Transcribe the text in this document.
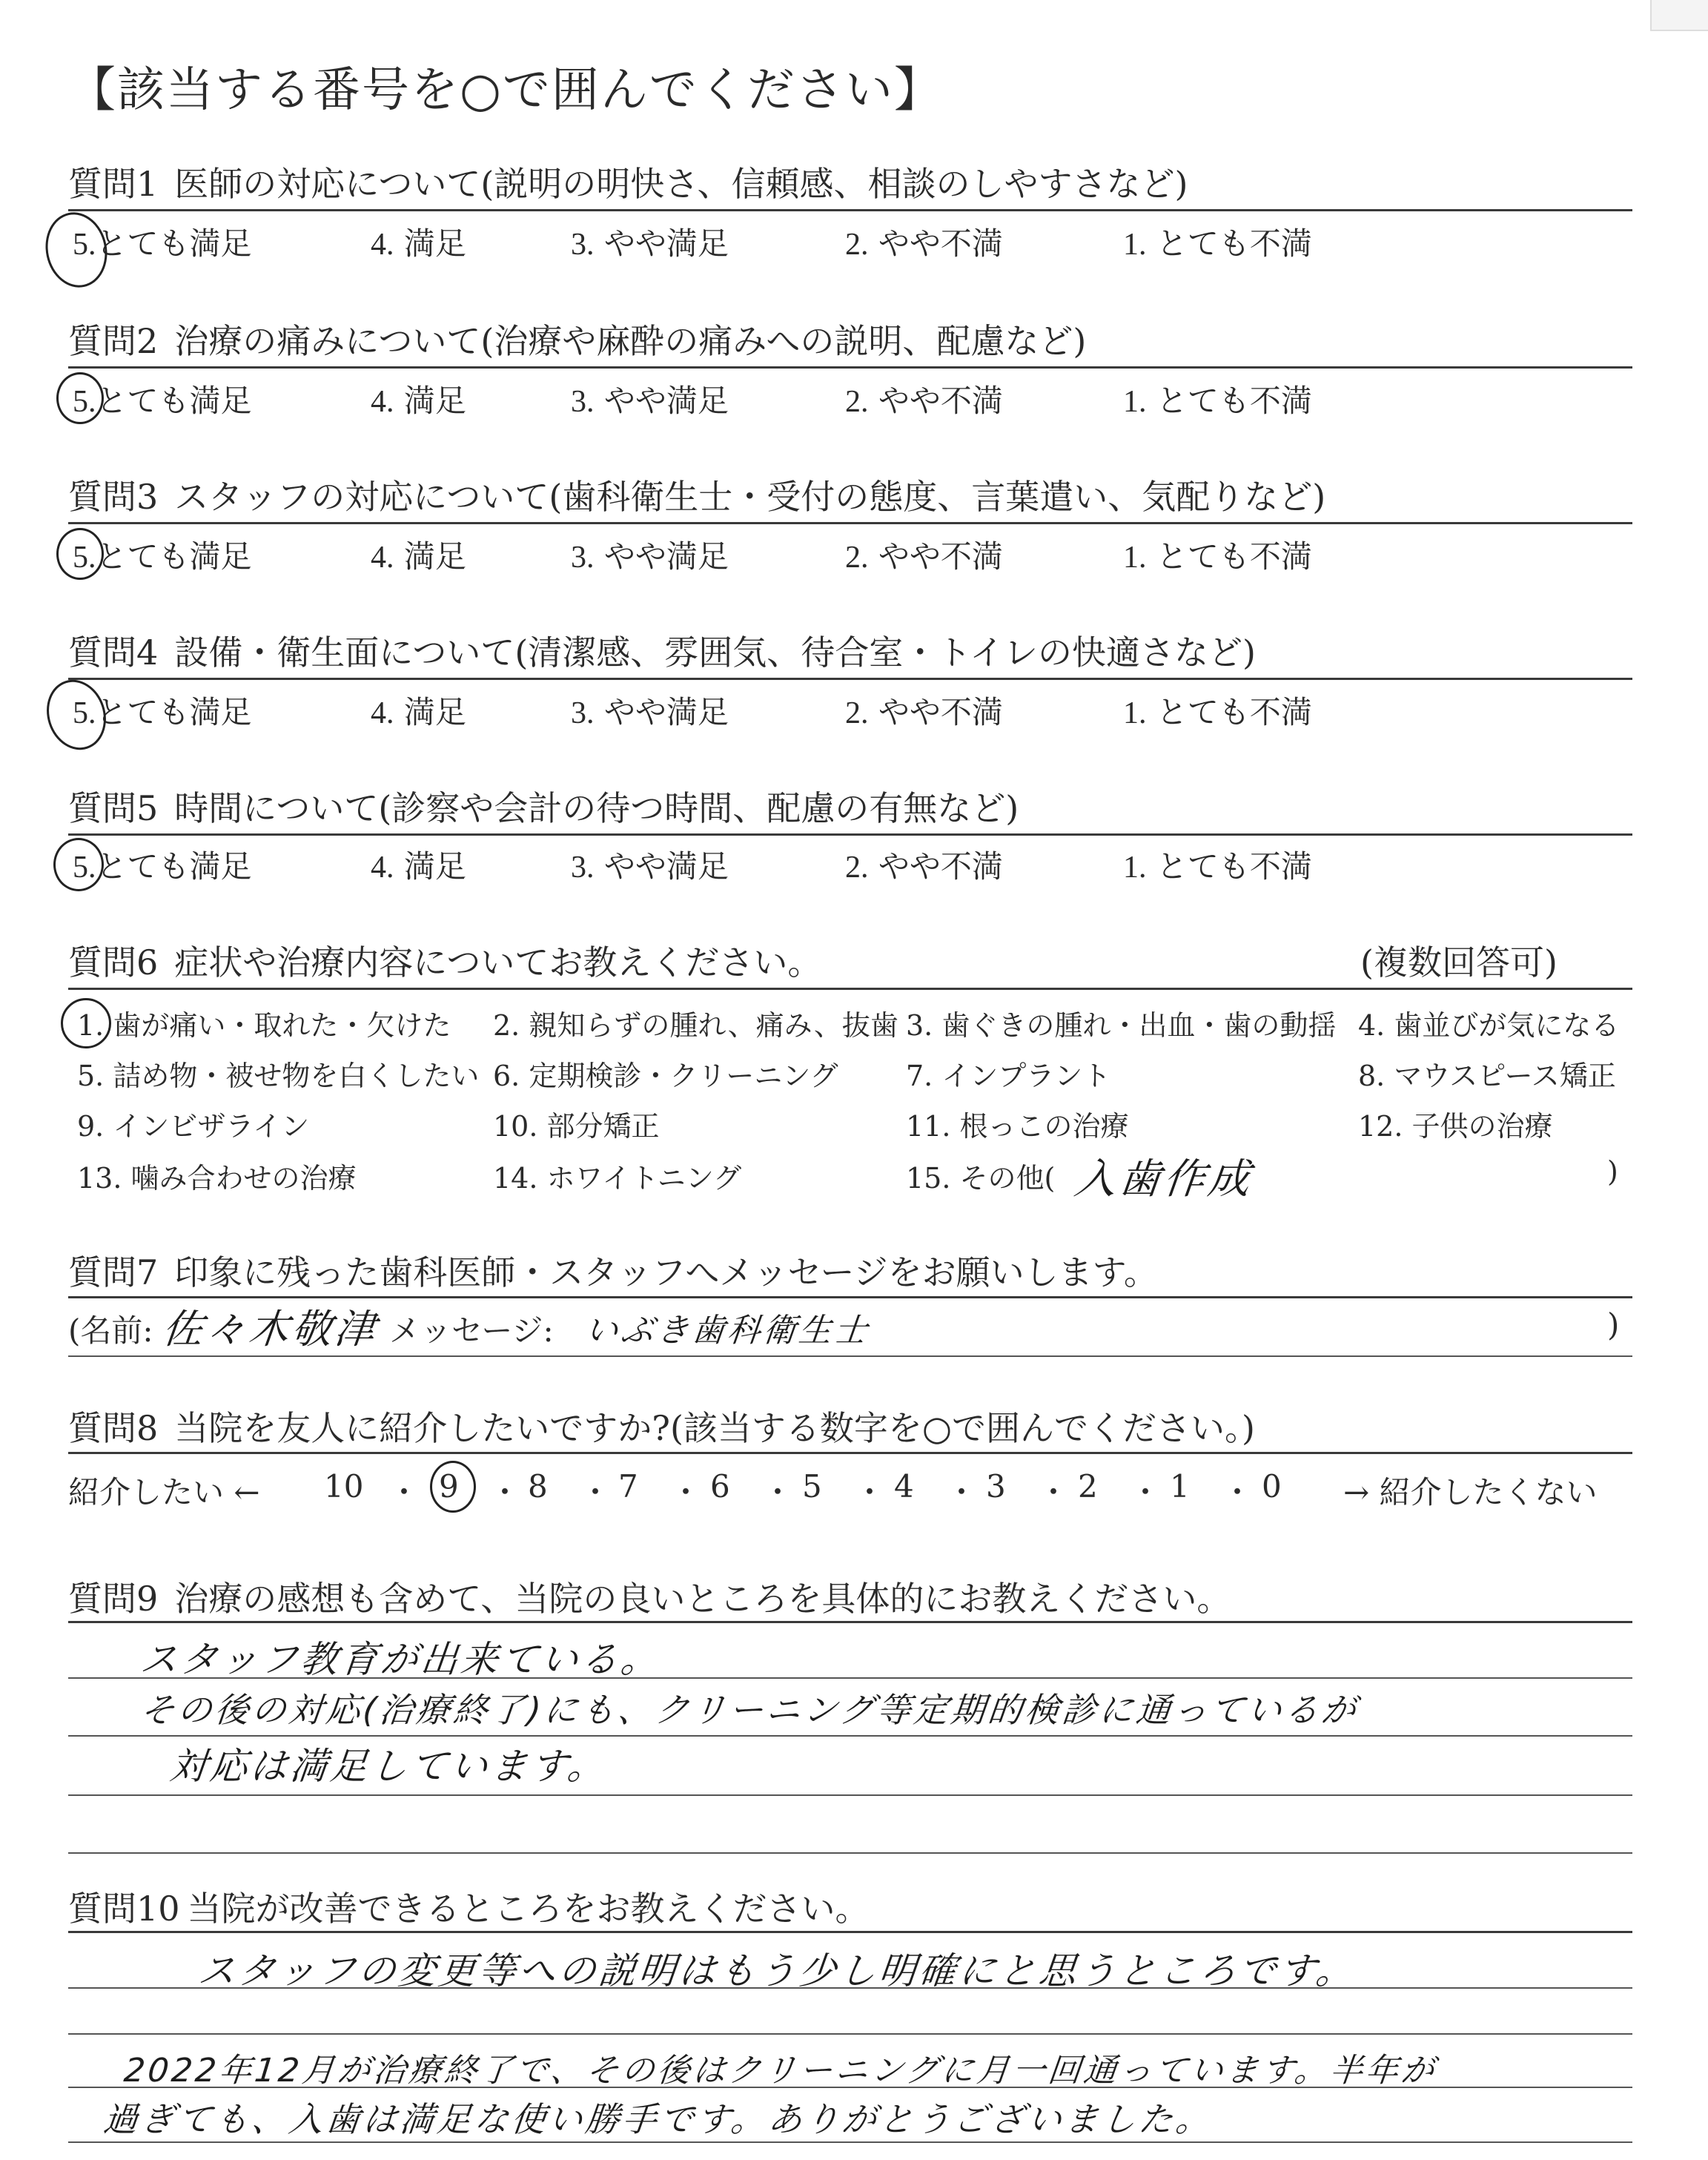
【該当する番号を○で囲んでください】
質問1 医師の対応について(説明の明快さ、信頼感、相談のしやすさなど)
5.とても満足	4. 満足	3. やや満足	2. やや不満	1. とても不満
質問2 治療の痛みについて(治療や麻酔の痛みへの説明、配慮など)
5.とても満足	4. 満足	3. やや満足	2. やや不満	1. とても不満
質問3 スタッフの対応について(歯科衛生士・受付の態度、言葉遣い、気配りなど)
5.とても満足	4. 満足	3. やや満足	2. やや不満	1. とても不満
質問4 設備・衛生面について(清潔感、雰囲気、待合室・トイレの快適さなど)
5.とても満足	4. 満足	3. やや満足	2. やや不満	1. とても不満
質問5 時間について(診察や会計の待つ時間、配慮の有無など)
5.とても満足	4. 満足	3. やや満足	2. やや不満	1. とても不満
質問6 症状や治療内容についてお教えください。	(複数回答可)
1. 歯が痛い・取れた・欠けた 2. 親知らずの腫れ、痛み、抜歯 3. 歯ぐきの腫れ・出血・歯の動揺 4. 歯並びが気になる
5. 詰め物・被せ物を白くしたい 6. 定期検診・クリーニング 7. インプラント	8. マウスピース矯正
9. インビザライン	10. 部分矯正	11. 根っこの治療	12. 子供の治療
13. 噛み合わせの治療	14. ホワイトニング	15. その他( 入歯作成	)
質問7 印象に残った歯科医師・スタッフへメッセージをお願いします。
(名前: 佐々木敬津 メッセージ: いぶき歯科衛生士	)
質問8 当院を友人に紹介したいですか?(該当する数字を○で囲んでください。)
紹介したい ← 10 ・ 9 ・ 8 ・ 7 ・ 6 ・ 5 ・ 4 ・ 3 ・ 2 ・ 1 ・ 0 → 紹介したくない
質問9 治療の感想も含めて、当院の良いところを具体的にお教えください。
スタッフ教育が出来ている。
その後の対応(治療終了)にも、クリーニング等定期的検診に通っているが
対応は満足しています。
質問10 当院が改善できるところをお教えください。
スタッフの変更等への説明はもう少し明確にと思うところです。
2022年12月が治療終了で、その後はクリーニングに月一回通っています。半年が
過ぎても、入歯は満足な使い勝手です。ありがとうございました。
